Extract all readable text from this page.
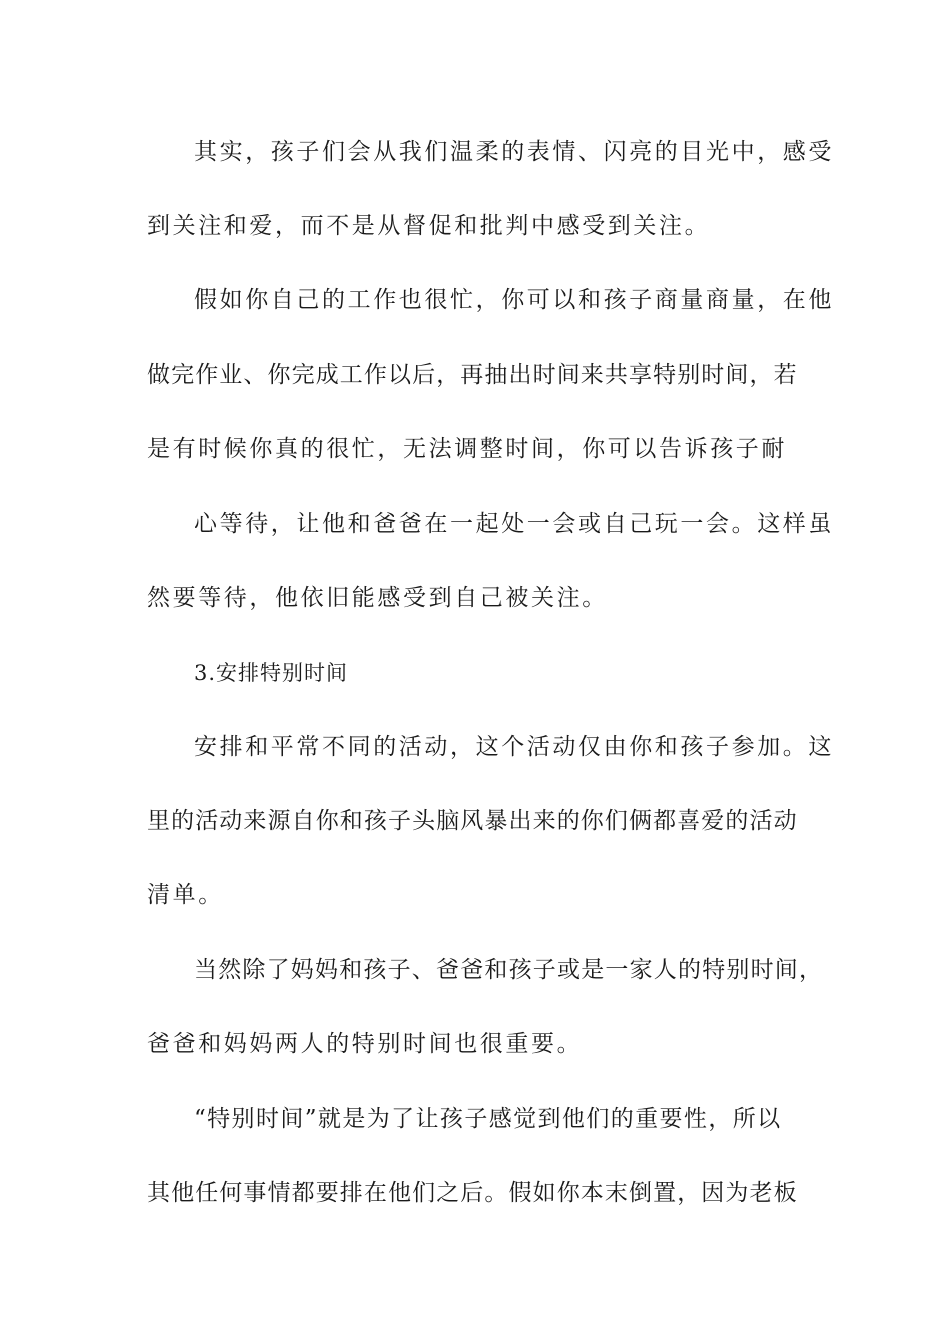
其实，孩子们会从我们温柔的表情、闪亮的目光中，感受
到关注和爱，而不是从督促和批判中感受到关注。
假如你自己的工作也很忙，你可以和孩子商量商量，在他
做完作业、你完成工作以后，再抽出时间来共享特别时间，若
是有时候你真的很忙，无法调整时间，你可以告诉孩子耐
心等待，让他和爸爸在一起处一会或自己玩一会。这样虽
然要等待，他依旧能感受到自己被关注。
3.安排特别时间
安排和平常不同的活动，这个活动仅由你和孩子参加。这
里的活动来源自你和孩子头脑风暴出来的你们俩都喜爱的活动
清单。
当然除了妈妈和孩子、爸爸和孩子或是一家人的特别时间，
爸爸和妈妈两人的特别时间也很重要。
“特别时间”就是为了让孩子感觉到他们的重要性，所以
其他任何事情都要排在他们之后。假如你本末倒置，因为老板
